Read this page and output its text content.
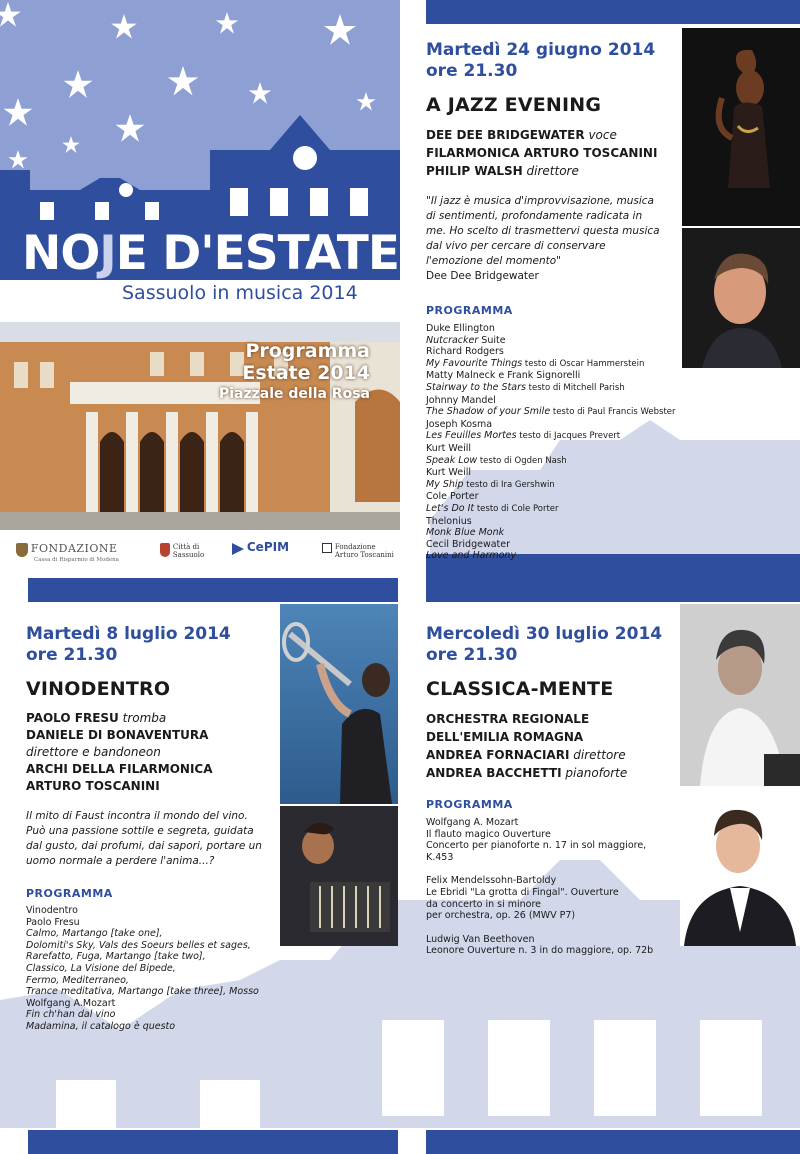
NOJE D'ESTATE
Sassuolo in musica 2014
Programma
Estate 2014
Piazzale della Rosa
FONDAZIONE
Cassa di Risparmio di Modena
Città di
Sassuolo
CePIM	Fondazione
Arturo Toscanini
Martedì 24 giugno 2014
ore 21.30
A JAZZ EVENING
DEE DEE BRIDGEWATER voce
FILARMONICA ARTURO TOSCANINI
PHILIP WALSH direttore
"Il jazz è musica d'improvvisazione, musica di sentimenti, profondamente radicata in me. Ho scelto di trasmettervi questa musica dal vivo per cercare di conservare l'emozione del momento"
Dee Dee Bridgewater
PROGRAMMA
Duke Ellington
Nutcracker Suite
Richard Rodgers
My Favourite Things testo di Oscar Hammerstein
Matty Malneck e Frank Signorelli
Stairway to the Stars testo di Mitchell Parish
Johnny Mandel
The Shadow of your Smile testo di Paul Francis Webster
Joseph Kosma
Les Feuilles Mortes testo di Jacques Prevert
Kurt Weill
Speak Low testo di Ogden Nash
Kurt Weill
My Ship testo di Ira Gershwin
Cole Porter
Let's Do It testo di Cole Porter
Thelonius
Monk Blue Monk
Cecil Bridgewater
Love and Harmony
Martedì 8 luglio 2014
ore 21.30
VINODENTRO
PAOLO FRESU tromba
DANIELE DI BONAVENTURA
direttore e bandoneon
ARCHI DELLA FILARMONICA
ARTURO TOSCANINI
Il mito di Faust incontra il mondo del vino. Può una passione sottile e segreta, guidata dal gusto, dai profumi, dai sapori, portare un uomo normale a perdere l'anima...?
PROGRAMMA
Vinodentro
Paolo Fresu
Calmo, Martango [take one],
Dolomiti's Sky, Vals des Soeurs belles et sages,
Rarefatto, Fuga, Martango [take two],
Classico, La Visione del Bipede,
Fermo, Mediterraneo,
Trance meditativa, Martango [take three], Mosso
Wolfgang A.Mozart
Fin ch'han dal vino
Madamina, il catalogo è questo
Mercoledì 30 luglio 2014
ore 21.30
CLASSICA-MENTE
ORCHESTRA REGIONALE
DELL'EMILIA ROMAGNA
ANDREA FORNACIARI direttore
ANDREA BACCHETTI pianoforte
PROGRAMMA
Wolfgang A. Mozart
Il flauto magico Ouverture
Concerto per pianoforte n. 17 in sol maggiore, K.453
Felix Mendelssohn-Bartoldy
Le Ebridi "La grotta di Fingal". Ouverture
da concerto in si minore
per orchestra, op. 26 (MWV P7)
Ludwig Van Beethoven
Leonore Ouverture n. 3 in do maggiore, op. 72b
